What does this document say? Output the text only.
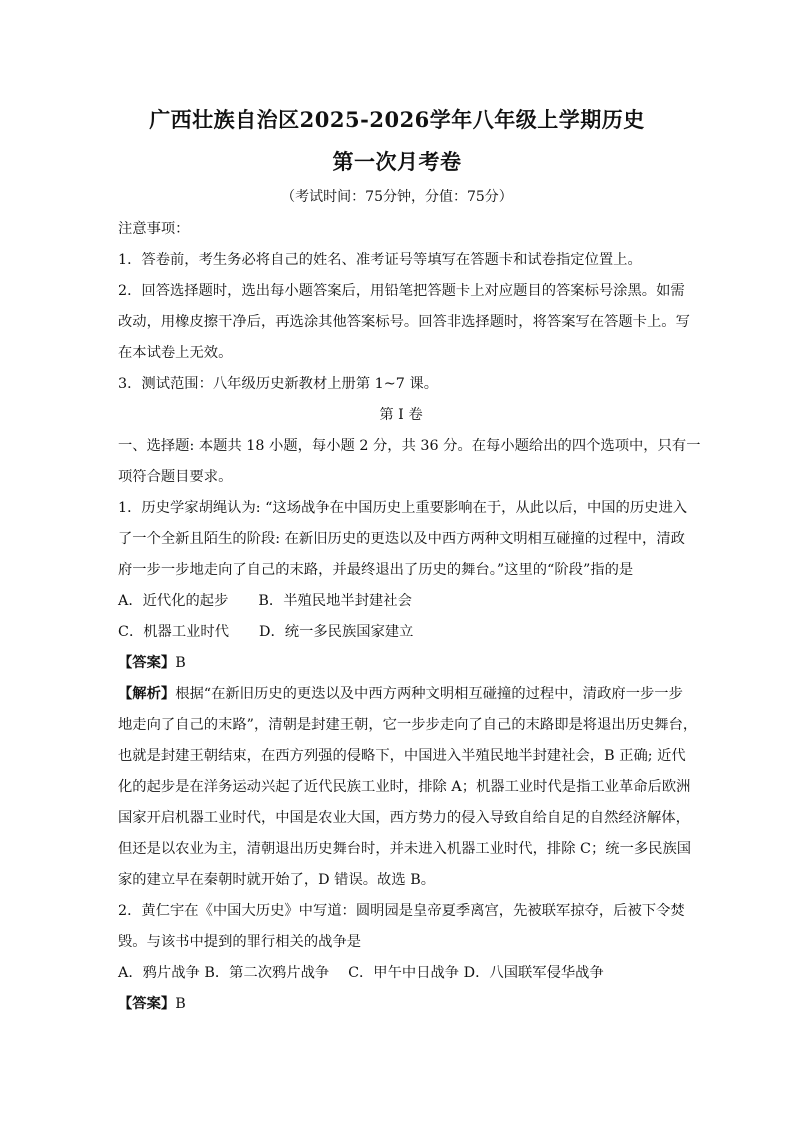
广西壮族自治区2025-2026学年八年级上学期历史
第一次月考卷
（考试时间：75分钟，分值：75分）
注意事项：
1．答卷前，考生务必将自己的姓名、准考证号等填写在答题卡和试卷指定位置上。
2．回答选择题时，选出每小题答案后，用铅笔把答题卡上对应题目的答案标号涂黑。如需
改动，用橡皮擦干净后，再选涂其他答案标号。回答非选择题时，将答案写在答题卡上。写
在本试卷上无效。
3．测试范围：八年级历史新教材上册第 1~7 课。
第 I 卷
一、选择题: 本题共 18 小题，每小题 2 分，共 36 分。在每小题给出的四个选项中，只有一
项符合题目要求。
1．历史学家胡绳认为: “这场战争在中国历史上重要影响在于，从此以后，中国的历史进入
了一个全新且陌生的阶段: 在新旧历史的更迭以及中西方两种文明相互碰撞的过程中，清政
府一步一步地走向了自己的末路，并最终退出了历史的舞台。”这里的“阶段”指的是
A．近代化的起步 B．半殖民地半封建社会
C．机器工业时代 D．统一多民族国家建立
【答案】B
【解析】根据“在新旧历史的更迭以及中西方两种文明相互碰撞的过程中，清政府一步一步
地走向了自己的末路”，清朝是封建王朝，它一步步走向了自己的末路即是将退出历史舞台，
也就是封建王朝结束，在西方列强的侵略下，中国进入半殖民地半封建社会，B 正确; 近代
化的起步是在洋务运动兴起了近代民族工业时，排除 A；机器工业时代是指工业革命后欧洲
国家开启机器工业时代，中国是农业大国，西方势力的侵入导致自给自足的自然经济解体，
但还是以农业为主，清朝退出历史舞台时，并未进入机器工业时代，排除 C；统一多民族国
家的建立早在秦朝时就开始了，D 错误。故选 B。
2．黄仁宇在《中国大历史》中写道：圆明园是皇帝夏季离宫，先被联军掠夺，后被下令焚
毁。与该书中提到的罪行相关的战争是
A．鸦片战争 B．第二次鸦片战争　 C．甲午中日战争 D．八国联军侵华战争
【答案】B
